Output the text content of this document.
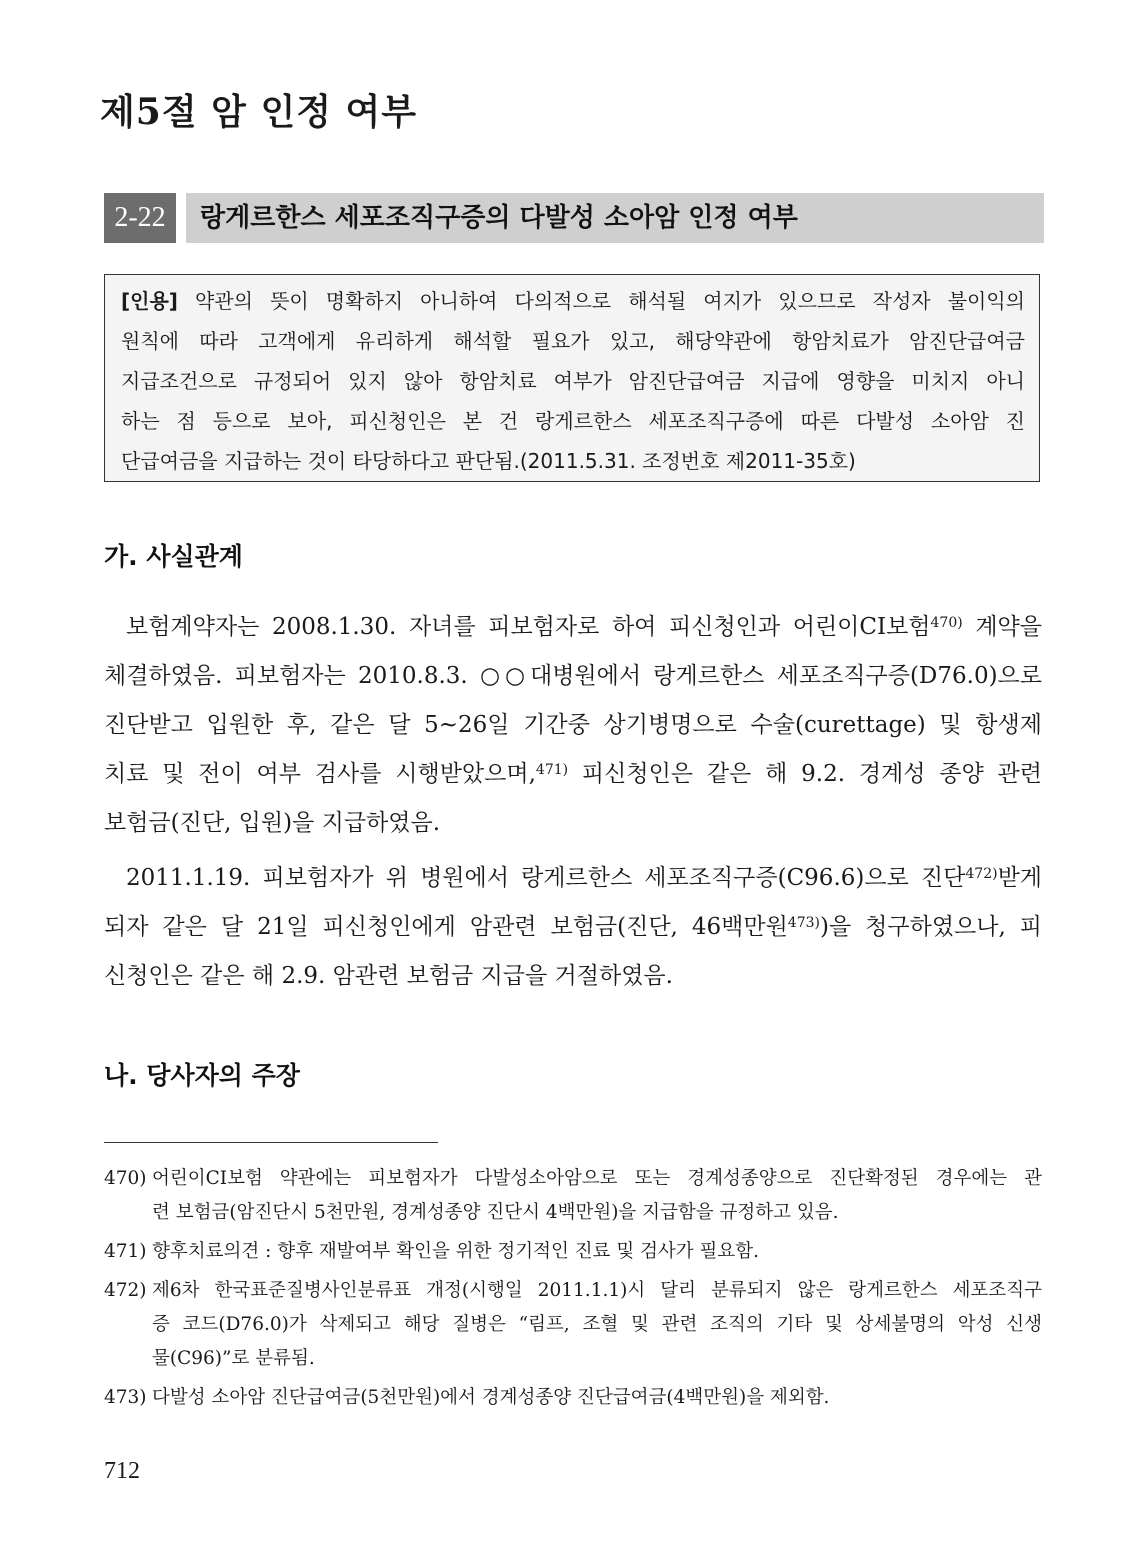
제5절 암 인정 여부
2-22	랑게르한스 세포조직구증의 다발성 소아암 인정 여부
[인용] 약관의 뜻이 명확하지 아니하여 다의적으로 해석될 여지가 있으므로 작성자 불이익의
원칙에 따라 고객에게 유리하게 해석할 필요가 있고, 해당약관에 항암치료가 암진단급여금
지급조건으로 규정되어 있지 않아 항암치료 여부가 암진단급여금 지급에 영향을 미치지 아니
하는 점 등으로 보아, 피신청인은 본 건 랑게르한스 세포조직구증에 따른 다발성 소아암 진
단급여금을 지급하는 것이 타당하다고 판단됨.(2011.5.31. 조정번호 제2011-35호)
가. 사실관계
보험계약자는 2008.1.30. 자녀를 피보험자로 하여 피신청인과 어린이CI보험$^{470)}$ 계약을
체결하였음. 피보험자는 2010.8.3. ○○대병원에서 랑게르한스 세포조직구증(D76.0)으로
진단받고 입원한 후, 같은 달 5~26일 기간중 상기병명으로 수술(curettage) 및 항생제
치료 및 전이 여부 검사를 시행받았으며,$^{471)}$ 피신청인은 같은 해 9.2. 경계성 종양 관련
보험금(진단, 입원)을 지급하였음.
2011.1.19. 피보험자가 위 병원에서 랑게르한스 세포조직구증(C96.6)으로 진단$^{472)}$받게
되자 같은 달 21일 피신청인에게 암관련 보험금(진단, 46백만원$^{473)}$)을 청구하였으나, 피
신청인은 같은 해 2.9. 암관련 보험금 지급을 거절하였음.
나. 당사자의 주장
470) 어린이CI보험 약관에는 피보험자가 다발성소아암으로 또는 경계성종양으로 진단확정된 경우에는 관
련 보험금(암진단시 5천만원, 경계성종양 진단시 4백만원)을 지급함을 규정하고 있음.
471) 향후치료의견 : 향후 재발여부 확인을 위한 정기적인 진료 및 검사가 필요함.
472) 제6차 한국표준질병사인분류표 개정(시행일 2011.1.1)시 달리 분류되지 않은 랑게르한스 세포조직구
증 코드(D76.0)가 삭제되고 해당 질병은 “림프, 조혈 및 관련 조직의 기타 및 상세불명의 악성 신생
물(C96)”로 분류됨.
473) 다발성 소아암 진단급여금(5천만원)에서 경계성종양 진단급여금(4백만원)을 제외함.
712
